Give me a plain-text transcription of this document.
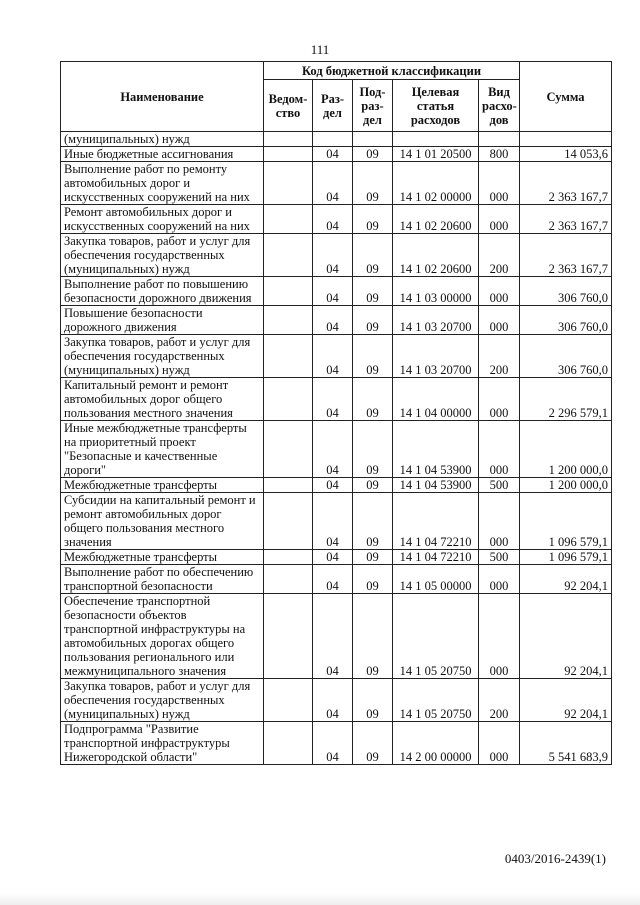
111
Наименование	Код бюджетной классификации					Сумма
	Ведом-ство	Раз-дел	Под-раз-дел	Целевая статья расходов	Вид расхо-дов	
(муниципальных) нужд						
Иные бюджетные ассигнования		04	09	14 1 01 20500	800	14 053,6
Выполнение работ по ремонту автомобильных дорог и искусственных сооружений на них		04	09	14 1 02 00000	000	2 363 167,7
Ремонт автомобильных дорог и искусственных сооружений на них		04	09	14 1 02 20600	000	2 363 167,7
Закупка товаров, работ и услуг для обеспечения государственных (муниципальных) нужд		04	09	14 1 02 20600	200	2 363 167,7
Выполнение работ по повышению безопасности дорожного движения		04	09	14 1 03 00000	000	306 760,0
Повышение безопасности дорожного движения		04	09	14 1 03 20700	000	306 760,0
Закупка товаров, работ и услуг для обеспечения государственных (муниципальных) нужд		04	09	14 1 03 20700	200	306 760,0
Капитальный ремонт и ремонт автомобильных дорог общего пользования местного значения		04	09	14 1 04 00000	000	2 296 579,1
Иные межбюджетные трансферты на приоритетный проект "Безопасные и качественные дороги"		04	09	14 1 04 53900	000	1 200 000,0
Межбюджетные трансферты		04	09	14 1 04 53900	500	1 200 000,0
Субсидии на капитальный ремонт и ремонт автомобильных дорог общего пользования местного значения		04	09	14 1 04 72210	000	1 096 579,1
Межбюджетные трансферты		04	09	14 1 04 72210	500	1 096 579,1
Выполнение работ по обеспечению транспортной безопасности		04	09	14 1 05 00000	000	92 204,1
Обеспечение транспортной безопасности объектов транспортной инфраструктуры на автомобильных дорогах общего пользования регионального или межмуниципального значения		04	09	14 1 05 20750	000	92 204,1
Закупка товаров, работ и услуг для обеспечения государственных (муниципальных) нужд		04	09	14 1 05 20750	200	92 204,1
Подпрограмма "Развитие транспортной инфраструктуры Нижегородской области"		04	09	14 2 00 00000	000	5 541 683,9
0403/2016-2439(1)
